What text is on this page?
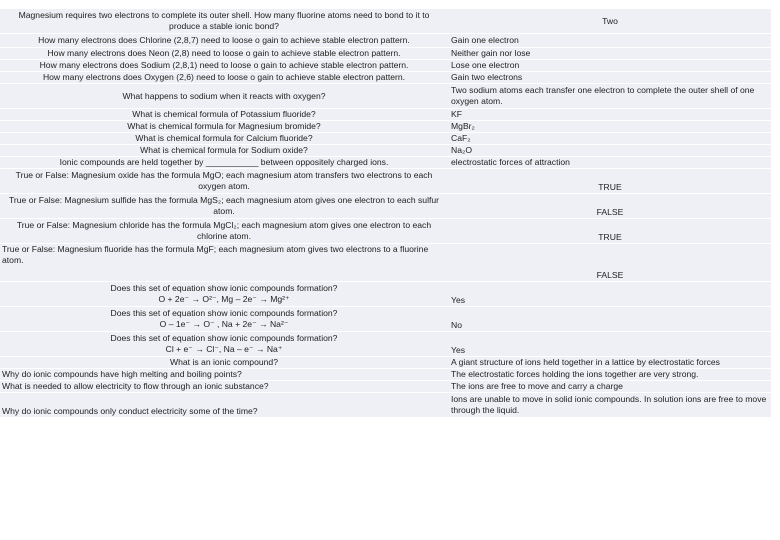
Magnesium requires two electrons to complete its outer shell. How many fluorine atoms need to bond to it to produce a stable ionic bond?	Two
How many electrons does Chlorine (2,8,7) need to loose o gain to achieve stable electron pattern.	Gain one electron
How many electrons does Neon (2,8) need to loose o gain to achieve stable electron pattern.	Neither gain nor lose
How many electrons does Sodium (2,8,1) need to loose o gain to achieve stable electron pattern.	Lose one electron
How many electrons does Oxygen (2,6) need to loose o gain to achieve stable electron pattern.	Gain two electrons
What happens to sodium when it reacts with oxygen?	Two sodium atoms each transfer one electron to complete the outer shell of one oxygen atom.
What is chemical formula of Potassium fluoride?	KF
What is chemical formula for Magnesium bromide?	MgBr₂
What is chemical formula for Calcium fluoride?	CaF₂
What is chemical formula for Sodium oxide?	Na₂O
Ionic compounds are held together by ___________ between oppositely charged ions.	electrostatic forces of attraction
True or False: Magnesium oxide has the formula MgO; each magnesium atom transfers two electrons to each oxygen atom.	TRUE
True or False: Magnesium sulfide has the formula MgS₂; each magnesium atom gives one electron to each sulfur atom.	FALSE
True or False: Magnesium chloride has the formula MgCl₂; each magnesium atom gives one electron to each chlorine atom.	TRUE
True or False: Magnesium fluoride has the formula MgF; each magnesium atom gives two electrons to a fluorine atom.	FALSE

Does this set of equation show ionic compounds formation?
O + 2e⁻ → O²⁻, Mg – 2e⁻ → Mg²⁺	Yes

Does this set of equation show ionic compounds formation?
O – 1e⁻ → O⁻ , Na + 2e⁻ → Na²⁻	No

Does this set of equation show ionic compounds formation?
Cl + e⁻ → Cl⁻, Na – e⁻ → Na⁺	Yes
What is an ionic compound?	A giant structure of ions held together in a lattice by electrostatic forces
Why do ionic compounds have high melting and boiling points?	The electrostatic forces holding the ions together are very strong.
What is needed to allow electricity to flow through an ionic substance?	The ions are free to move and carry a charge
Why do ionic compounds only conduct electricity some of the time?	Ions are unable to move in solid ionic compounds. In solution ions are free to move through the liquid.
